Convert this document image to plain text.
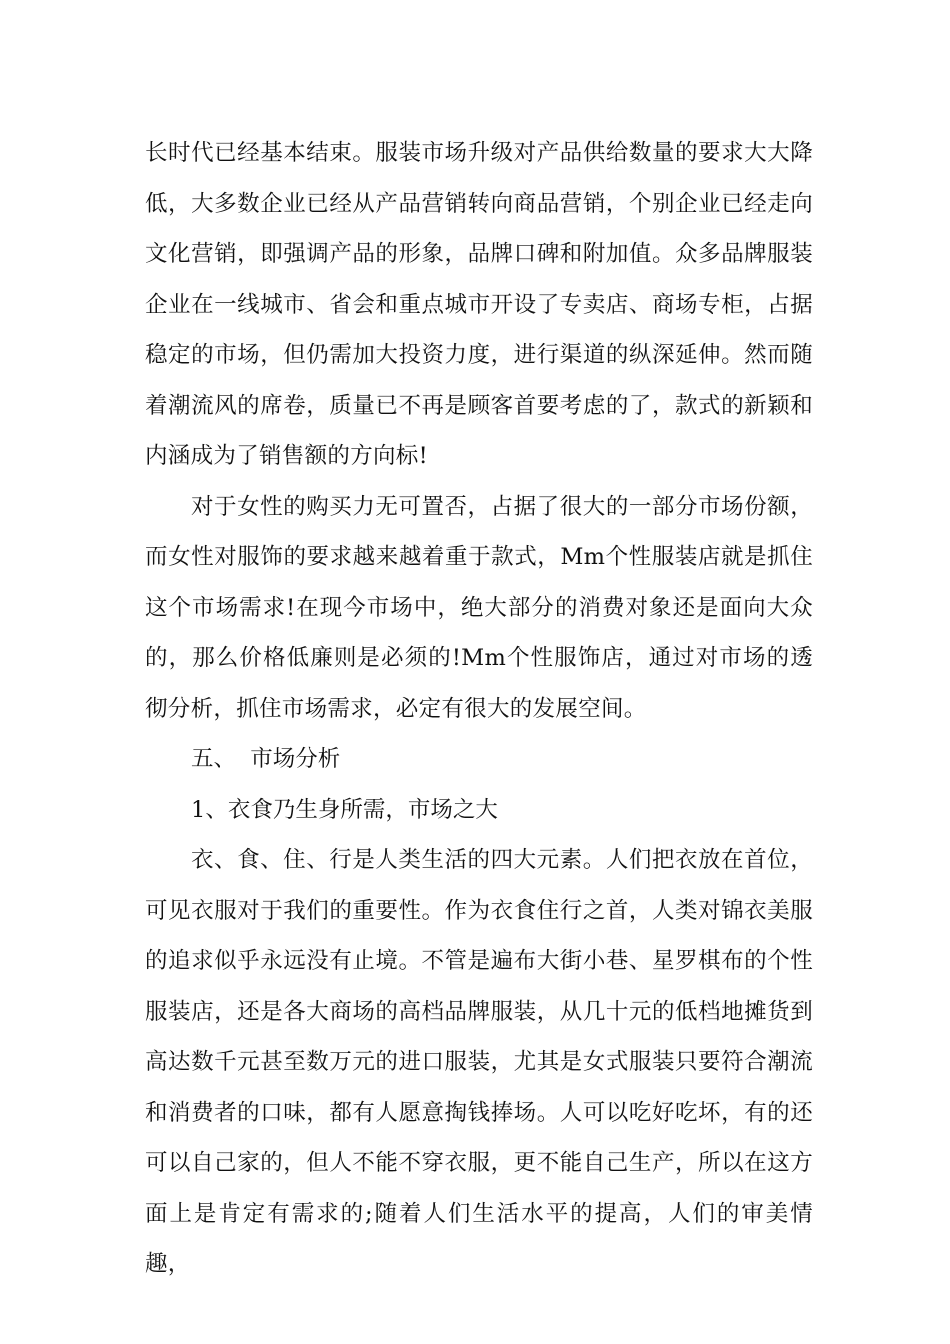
长时代已经基本结束。服装市场升级对产品供给数量的要求大大降低，大多数企业已经从产品营销转向商品营销，个别企业已经走向文化营销，即强调产品的形象，品牌口碑和附加值。众多品牌服装企业在一线城市、省会和重点城市开设了专卖店、商场专柜，占据稳定的市场，但仍需加大投资力度，进行渠道的纵深延伸。然而随着潮流风的席卷，质量已不再是顾客首要考虑的了，款式的新颖和内涵成为了销售额的方向标!

对于女性的购买力无可置否，占据了很大的一部分市场份额，而女性对服饰的要求越来越着重于款式，Mm个性服装店就是抓住这个市场需求!在现今市场中，绝大部分的消费对象还是面向大众的，那么价格低廉则是必须的!Mm个性服饰店，通过对市场的透彻分析，抓住市场需求，必定有很大的发展空间。

五、  市场分析

1、衣食乃生身所需，市场之大

衣、食、住、行是人类生活的四大元素。人们把衣放在首位，可见衣服对于我们的重要性。作为衣食住行之首，人类对锦衣美服的追求似乎永远没有止境。不管是遍布大街小巷、星罗棋布的个性服装店，还是各大商场的高档品牌服装，从几十元的低档地摊货到高达数千元甚至数万元的进口服装，尤其是女式服装只要符合潮流和消费者的口味，都有人愿意掏钱捧场。人可以吃好吃坏，有的还可以自己家的，但人不能不穿衣服，更不能自己生产，所以在这方面上是肯定有需求的;随着人们生活水平的提高，人们的审美情趣，
